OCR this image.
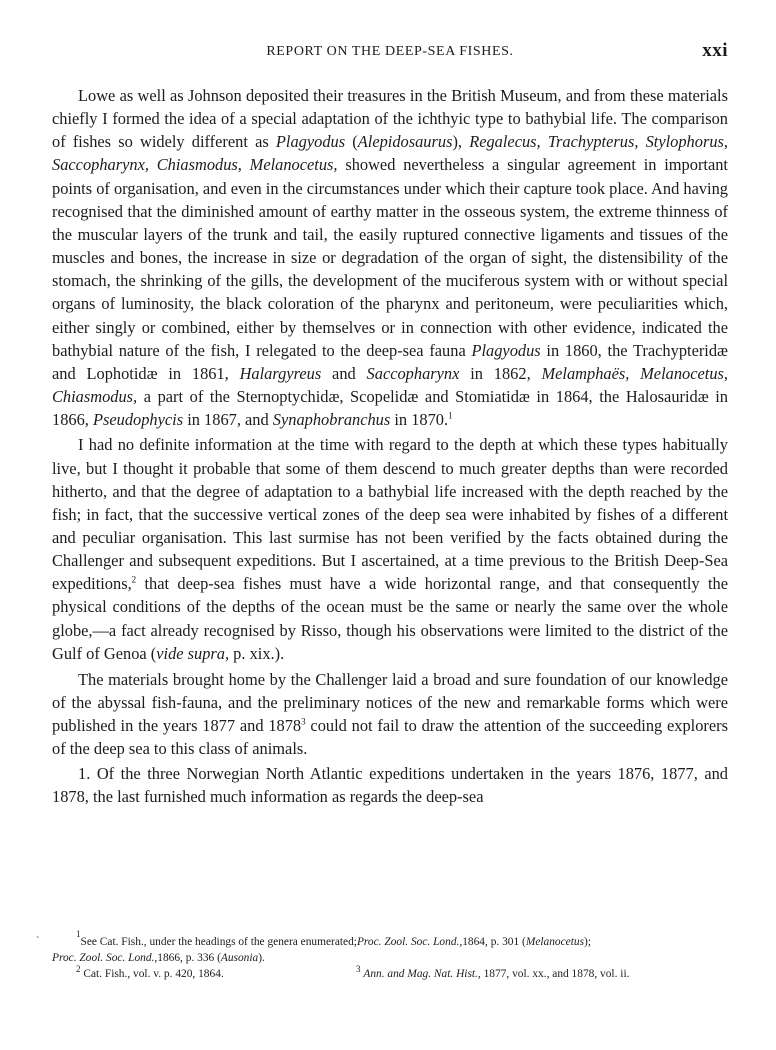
REPORT ON THE DEEP-SEA FISHES.	xxi

Lowe as well as Johnson deposited their treasures in the British Museum, and from these materials chiefly I formed the idea of a special adaptation of the ichthyic type to bathybial life. The comparison of fishes so widely different as Plagyodus (Alepidosaurus), Regalecus, Trachypterus, Stylophorus, Saccopharynx, Chiasmodus, Melanocetus, showed nevertheless a singular agreement in important points of organisation, and even in the circumstances under which their capture took place. And having recognised that the diminished amount of earthy matter in the osseous system, the extreme thinness of the muscular layers of the trunk and tail, the easily ruptured connective ligaments and tissues of the muscles and bones, the increase in size or degradation of the organ of sight, the distensibility of the stomach, the shrinking of the gills, the development of the muciferous system with or without special organs of luminosity, the black coloration of the pharynx and peritoneum, were peculiarities which, either singly or combined, either by themselves or in connection with other evidence, indicated the bathybial nature of the fish, I relegated to the deep-sea fauna Plagyodus in 1860, the Trachypteridæ and Lophotidæ in 1861, Halargyreus and Saccopharynx in 1862, Melamphaës, Melanocetus, Chiasmodus, a part of the Sternoptychidæ, Scopelidæ and Stomiatidæ in 1864, the Halosauridæ in 1866, Pseudophycis in 1867, and Synaphobranchus in 1870.$^1$

I had no definite information at the time with regard to the depth at which these types habitually live, but I thought it probable that some of them descend to much greater depths than were recorded hitherto, and that the degree of adaptation to a bathybial life increased with the depth reached by the fish; in fact, that the successive vertical zones of the deep sea were inhabited by fishes of a different and peculiar organisation. This last surmise has not been verified by the facts obtained during the Challenger and subsequent expeditions. But I ascertained, at a time previous to the British Deep-Sea expeditions,$^2$ that deep-sea fishes must have a wide horizontal range, and that consequently the physical conditions of the depths of the ocean must be the same or nearly the same over the whole globe,—a fact already recognised by Risso, though his observations were limited to the district of the Gulf of Genoa (vide supra, p. xix.).

The materials brought home by the Challenger laid a broad and sure foundation of our knowledge of the abyssal fish-fauna, and the preliminary notices of the new and remarkable forms which were published in the years 1877 and 1878$^3$ could not fail to draw the attention of the succeeding explorers of the deep sea to this class of animals.

1. Of the three Norwegian North Atlantic expeditions undertaken in the years 1876, 1877, and 1878, the last furnished much information as regards the deep-sea

`
1
See Cat. Fish., under the headings of the genera enumerated; Proc. Zool. Soc. Lond., 1864, p. 301 ( Melanocetus );
Proc. Zool. Soc. Lond., 1866, p. 336 ( Ausonia ).
$^2$ Cat. Fish., vol. v. p. 420, 1864.	$^3$ Ann. and Mag. Nat. Hist., 1877, vol. xx., and 1878, vol. ii.
